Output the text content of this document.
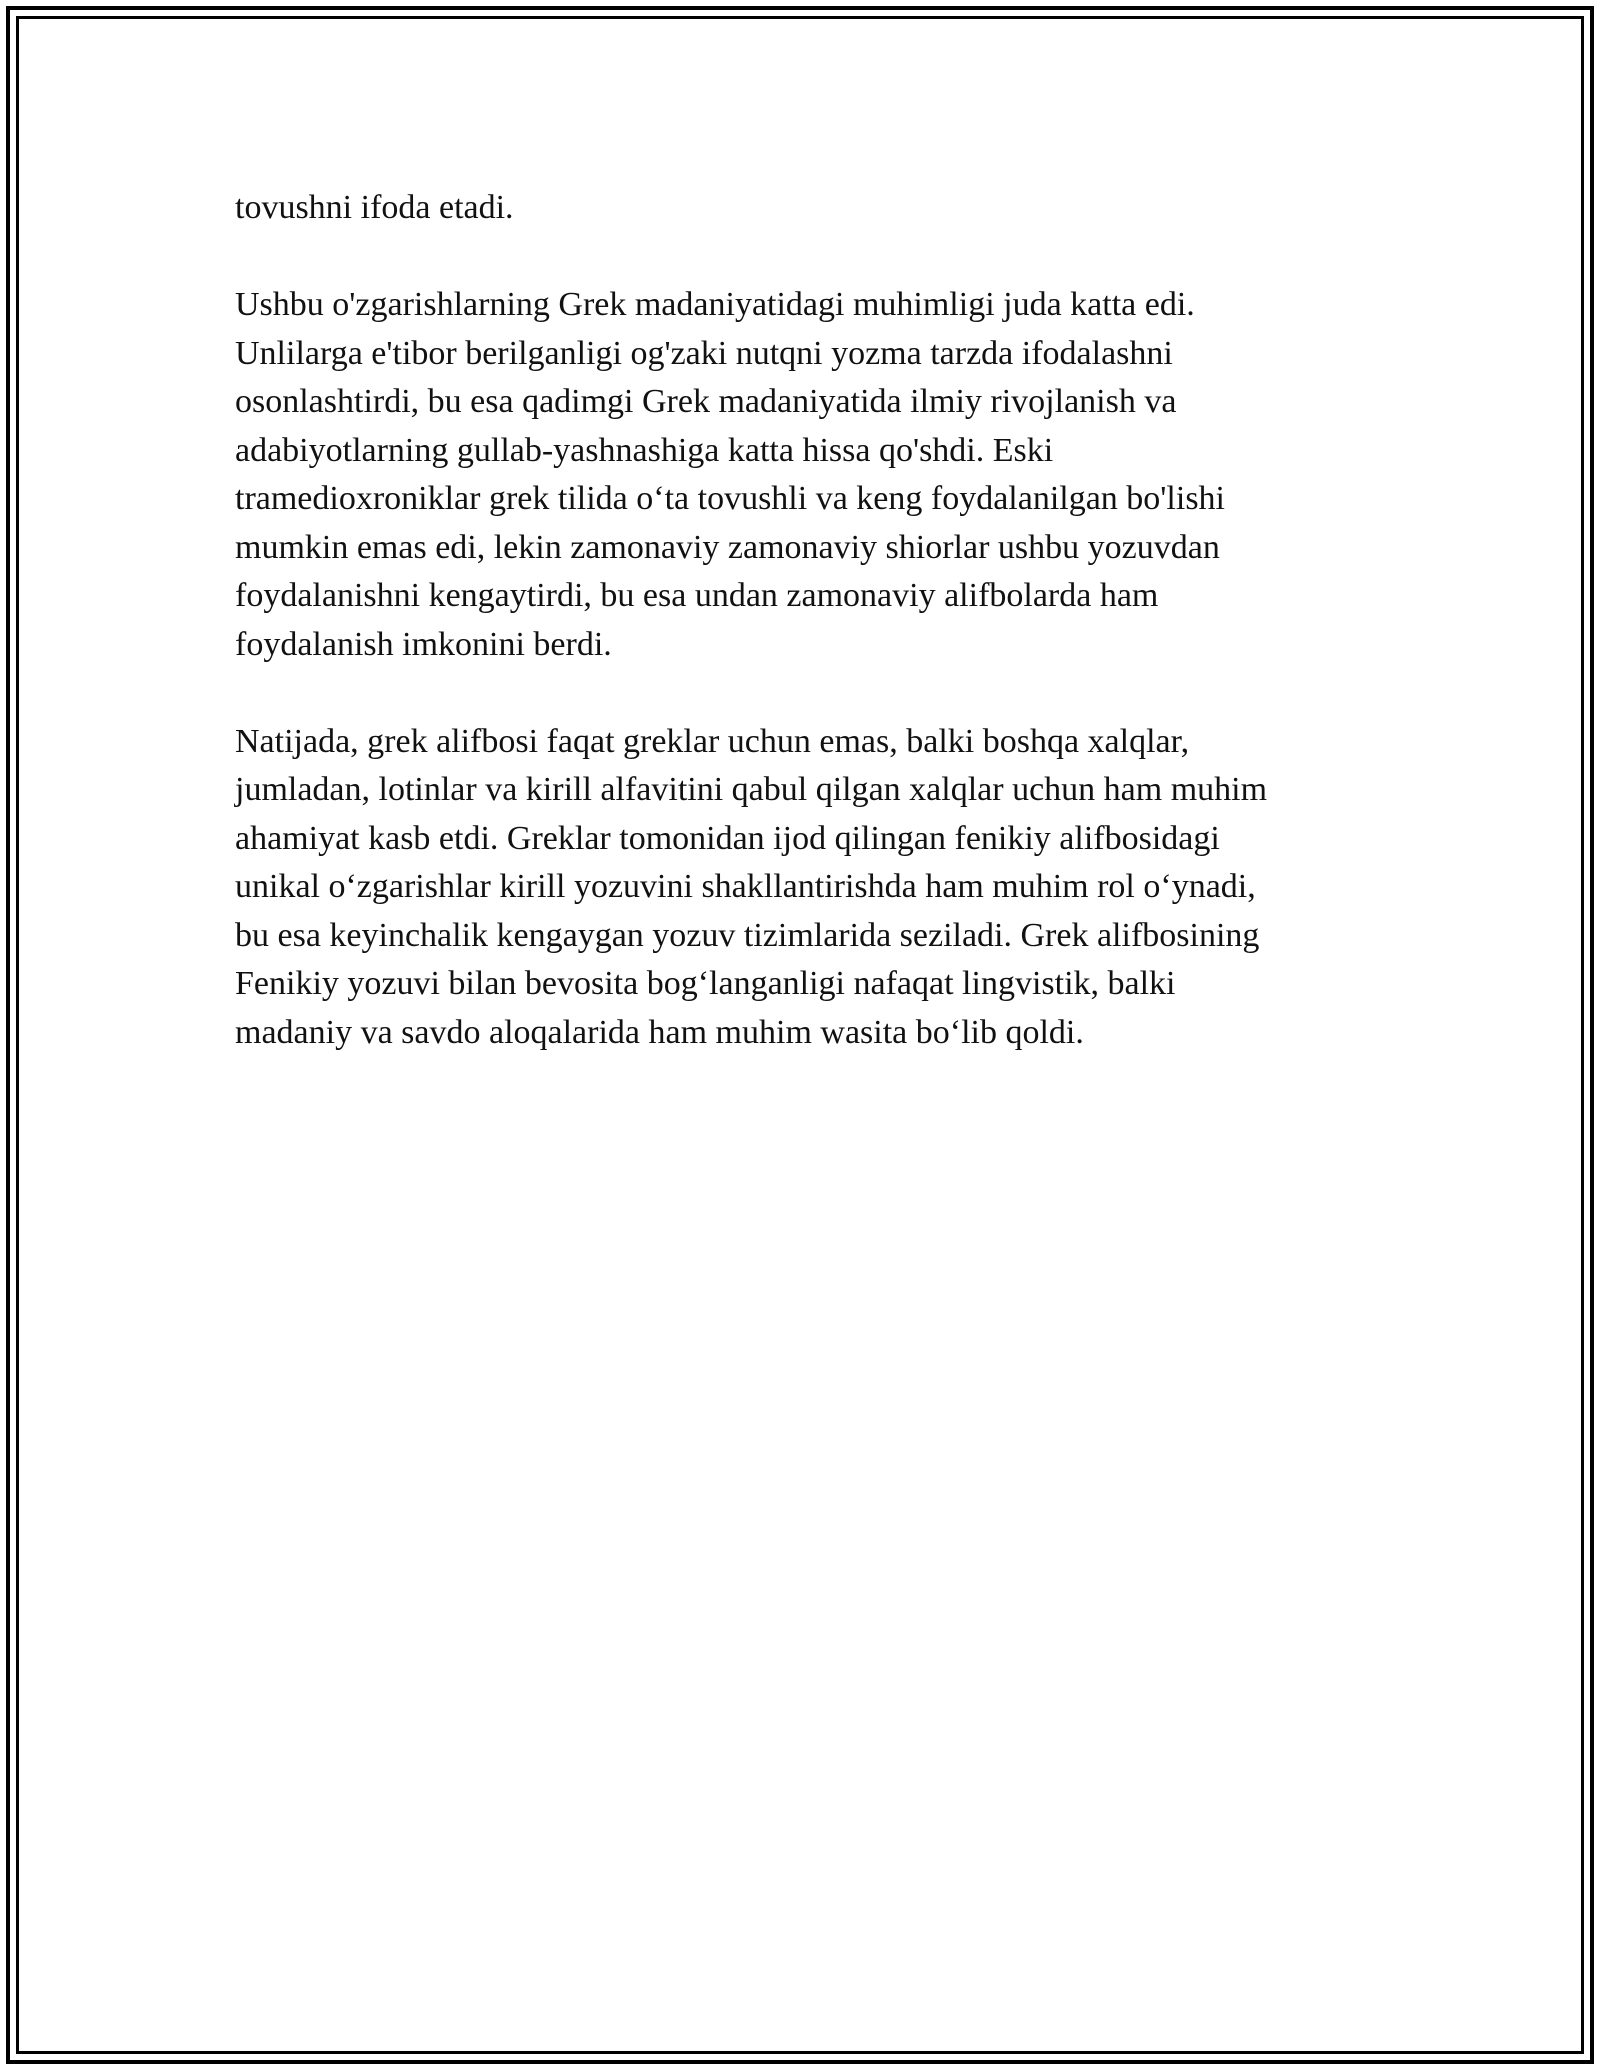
tovushni ifoda etadi.

Ushbu o'zgarishlarning Grek madaniyatidagi muhimligi juda katta edi.
Unlilarga e'tibor berilganligi og'zaki nutqni yozma tarzda ifodalashni
osonlashtirdi, bu esa qadimgi Grek madaniyatida ilmiy rivojlanish va
adabiyotlarning gullab-yashnashiga katta hissa qo'shdi. Eski
tramedioxroniklar grek tilida o‘ta tovushli va keng foydalanilgan bo'lishi
mumkin emas edi, lekin zamonaviy zamonaviy shiorlar ushbu yozuvdan
foydalanishni kengaytirdi, bu esa undan zamonaviy alifbolarda ham
foydalanish imkonini berdi.

Natijada, grek alifbosi faqat greklar uchun emas, balki boshqa xalqlar,
jumladan, lotinlar va kirill alfavitini qabul qilgan xalqlar uchun ham muhim
ahamiyat kasb etdi. Greklar tomonidan ijod qilingan fenikiy alifbosidagi
unikal o‘zgarishlar kirill yozuvini shakllantirishda ham muhim rol o‘ynadi,
bu esa keyinchalik kengaygan yozuv tizimlarida seziladi. Grek alifbosining
Fenikiy yozuvi bilan bevosita bog‘langanligi nafaqat lingvistik, balki
madaniy va savdo aloqalarida ham muhim wasita bo‘lib qoldi.
